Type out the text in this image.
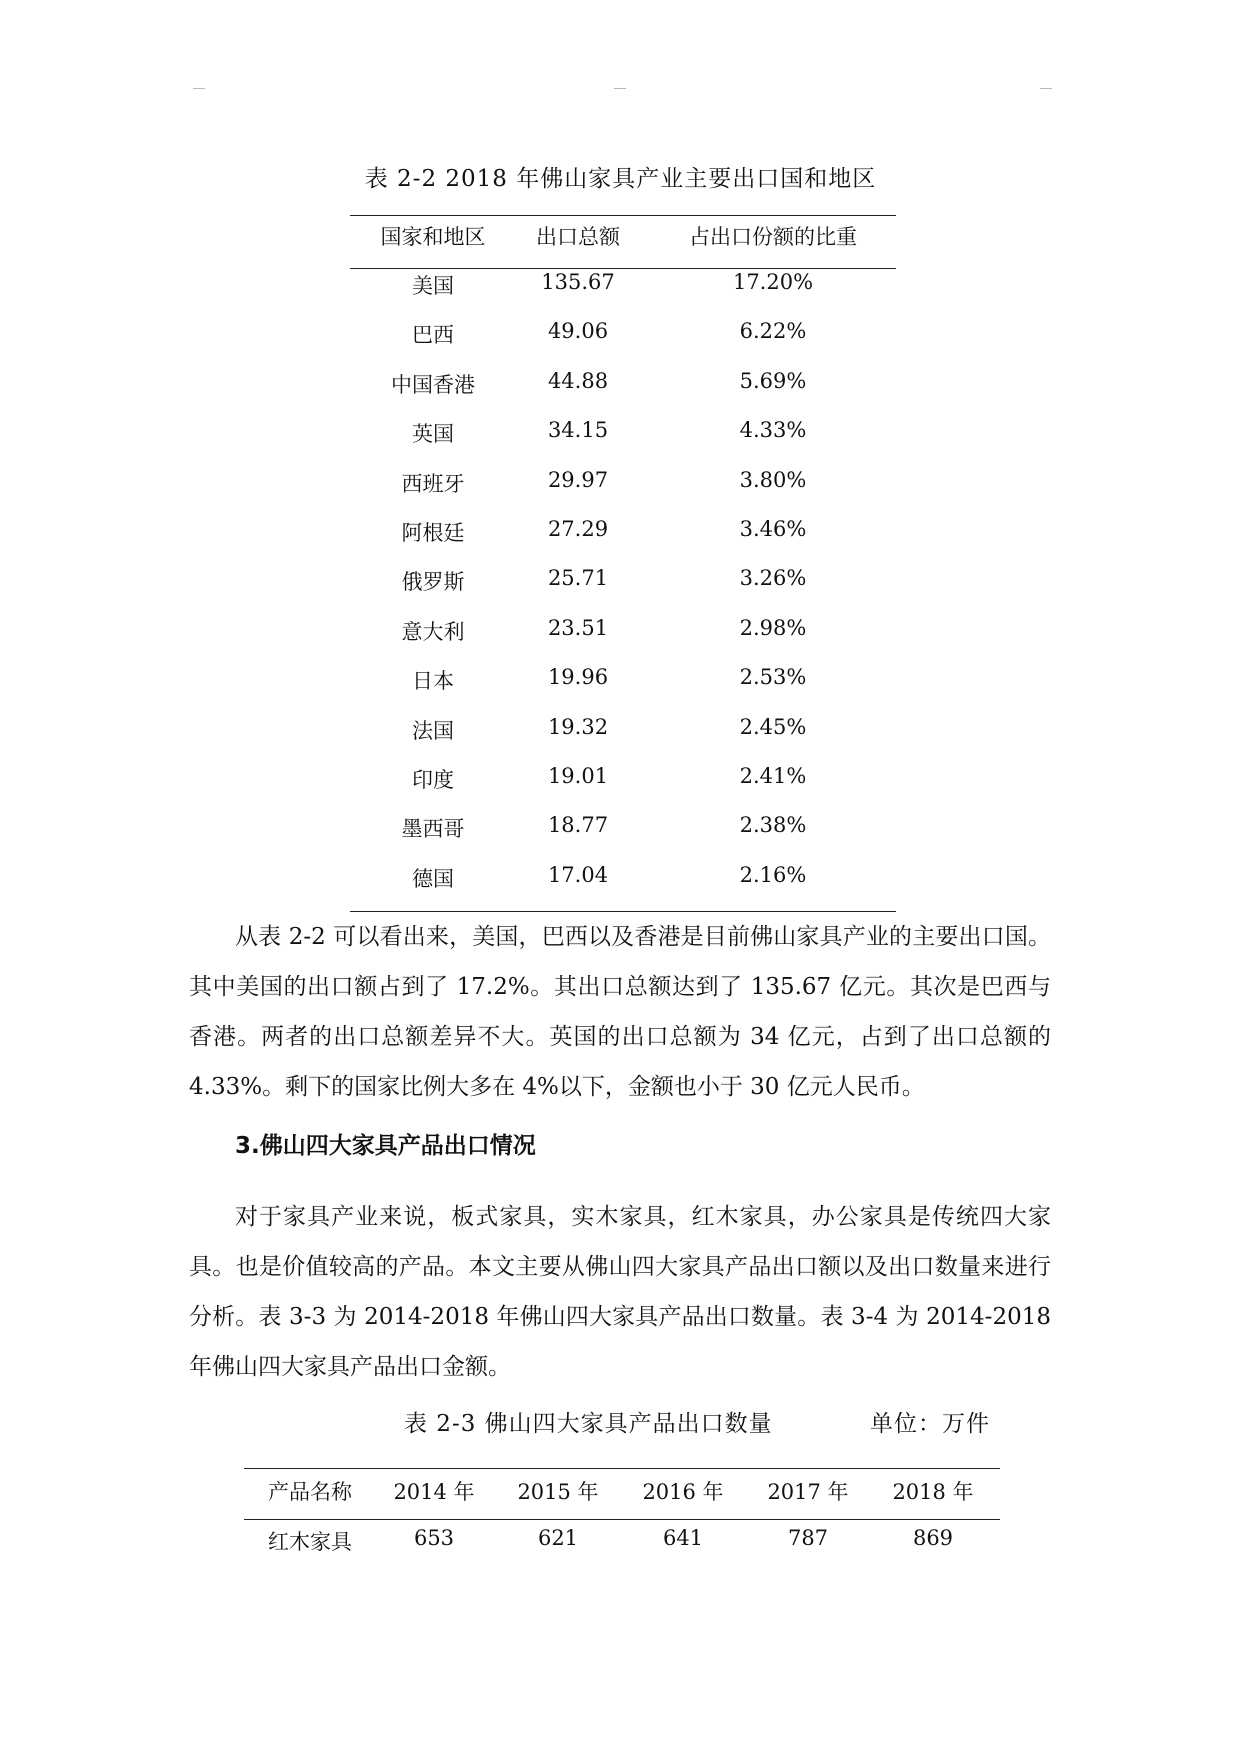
表 2-2 2018 年佛山家具产业主要出口国和地区
国家和地区	出口总额	占出口份额的比重
美国	135.67	17.20%
巴西	49.06	6.22%
中国香港	44.88	5.69%
英国	34.15	4.33%
西班牙	29.97	3.80%
阿根廷	27.29	3.46%
俄罗斯	25.71	3.26%
意大利	23.51	2.98%
日本	19.96	2.53%
法国	19.32	2.45%
印度	19.01	2.41%
墨西哥	18.77	2.38%
德国	17.04	2.16%
从表 2-2 可以看出来，美国，巴西以及香港是目前佛山家具产业的主要出口国。其中美国的出口额占到了 17.2%。其出口总额达到了 135.67 亿元。其次是巴西与香港。两者的出口总额差异不大。英国的出口总额为 34 亿元，占到了出口总额的 4.33%。剩下的国家比例大多在 4%以下，金额也小于 30 亿元人民币。
3.佛山四大家具产品出口情况
对于家具产业来说，板式家具，实木家具，红木家具，办公家具是传统四大家具。也是价值较高的产品。本文主要从佛山四大家具产品出口额以及出口数量来进行分析。表 3-3 为 2014-2018 年佛山四大家具产品出口数量。表 3-4 为 2014-2018 年佛山四大家具产品出口金额。
表 2-3 佛山四大家具产品出口数量	单位：万件
产品名称	2014 年	2015 年	2016 年	2017 年	2018 年
红木家具	653	621	641	787	869
